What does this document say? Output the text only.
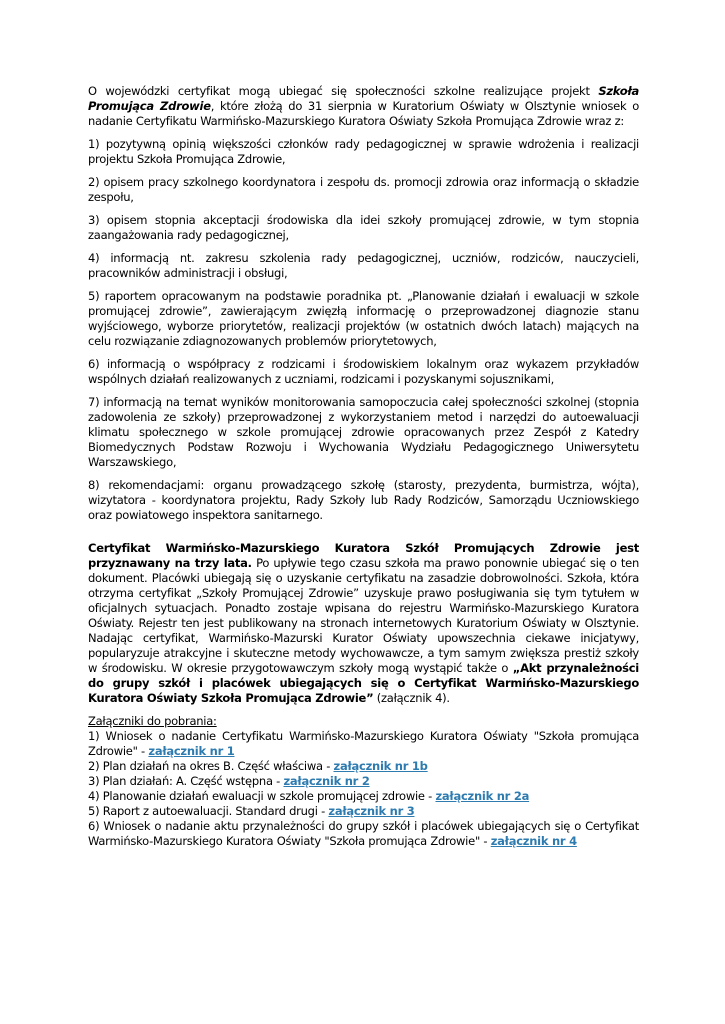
O wojewódzki certyfikat mogą ubiegać się społeczności szkolne realizujące projekt Szkoła Promująca Zdrowie, które złożą do 31 sierpnia w Kuratorium Oświaty w Olsztynie wniosek o nadanie Certyfikatu Warmińsko-Mazurskiego Kuratora Oświaty Szkoła Promująca Zdrowie wraz z:

1) pozytywną opinią większości członków rady pedagogicznej w sprawie wdrożenia i realizacji projektu Szkoła Promująca Zdrowie,

2) opisem pracy szkolnego koordynatora i zespołu ds. promocji zdrowia oraz informacją o składzie zespołu,

3) opisem stopnia akceptacji środowiska dla idei szkoły promującej zdrowie, w tym stopnia zaangażowania rady pedagogicznej,

4) informacją nt. zakresu szkolenia rady pedagogicznej, uczniów, rodziców, nauczycieli, pracowników administracji i obsługi,

5) raportem opracowanym na podstawie poradnika pt. „Planowanie działań i ewaluacji w szkole promującej zdrowie”, zawierającym zwięzłą informację o przeprowadzonej diagnozie stanu wyjściowego, wyborze priorytetów, realizacji projektów (w ostatnich dwóch latach) mających na celu rozwiązanie zdiagnozowanych problemów priorytetowych,

6) informacją o współpracy z rodzicami i środowiskiem lokalnym oraz wykazem przykładów wspólnych działań realizowanych z uczniami, rodzicami i pozyskanymi sojusznikami,

7) informacją na temat wyników monitorowania samopoczucia całej społeczności szkolnej (stopnia zadowolenia ze szkoły) przeprowadzonej z wykorzystaniem metod i narzędzi do autoewaluacji klimatu społecznego w szkole promującej zdrowie opracowanych przez Zespół z Katedry Biomedycznych Podstaw Rozwoju i Wychowania Wydziału Pedagogicznego Uniwersytetu Warszawskiego,

8) rekomendacjami: organu prowadzącego szkołę (starosty, prezydenta, burmistrza, wójta), wizytatora - koordynatora projektu, Rady Szkoły lub Rady Rodziców, Samorządu Uczniowskiego oraz powiatowego inspektora sanitarnego.

Certyfikat Warmińsko-Mazurskiego Kuratora Szkół Promujących Zdrowie jest przyznawany na trzy lata. Po upływie tego czasu szkoła ma prawo ponownie ubiegać się o ten dokument. Placówki ubiegają się o uzyskanie certyfikatu na zasadzie dobrowolności. Szkoła, która otrzyma certyfikat „Szkoły Promującej Zdrowie” uzyskuje prawo posługiwania się tym tytułem w oficjalnych sytuacjach. Ponadto zostaje wpisana do rejestru Warmińsko-Mazurskiego Kuratora Oświaty. Rejestr ten jest publikowany na stronach internetowych Kuratorium Oświaty w Olsztynie. Nadając certyfikat, Warmińsko-Mazurski Kurator Oświaty upowszechnia ciekawe inicjatywy, popularyzuje atrakcyjne i skuteczne metody wychowawcze, a tym samym zwiększa prestiż szkoły w środowisku. W okresie przygotowawczym szkoły mogą wystąpić także o „Akt przynależności do grupy szkół i placówek ubiegających się o Certyfikat Warmińsko-Mazurskiego Kuratora Oświaty Szkoła Promująca Zdrowie” (załącznik 4).

Załączniki do pobrania:

1) Wniosek o nadanie Certyfikatu Warmińsko-Mazurskiego Kuratora Oświaty "Szkoła promująca Zdrowie" - załącznik nr 1
2) Plan działań na okres B. Część właściwa - załącznik nr 1b
3) Plan działań: A. Część wstępna - załącznik nr 2
4) Planowanie działań ewaluacji w szkole promującej zdrowie - załącznik nr 2a
5) Raport z autoewaluacji. Standard drugi - załącznik nr 3
6) Wniosek o nadanie aktu przynależności do grupy szkół i placówek ubiegających się o Certyfikat Warmińsko-Mazurskiego Kuratora Oświaty "Szkoła promująca Zdrowie" - załącznik nr 4
